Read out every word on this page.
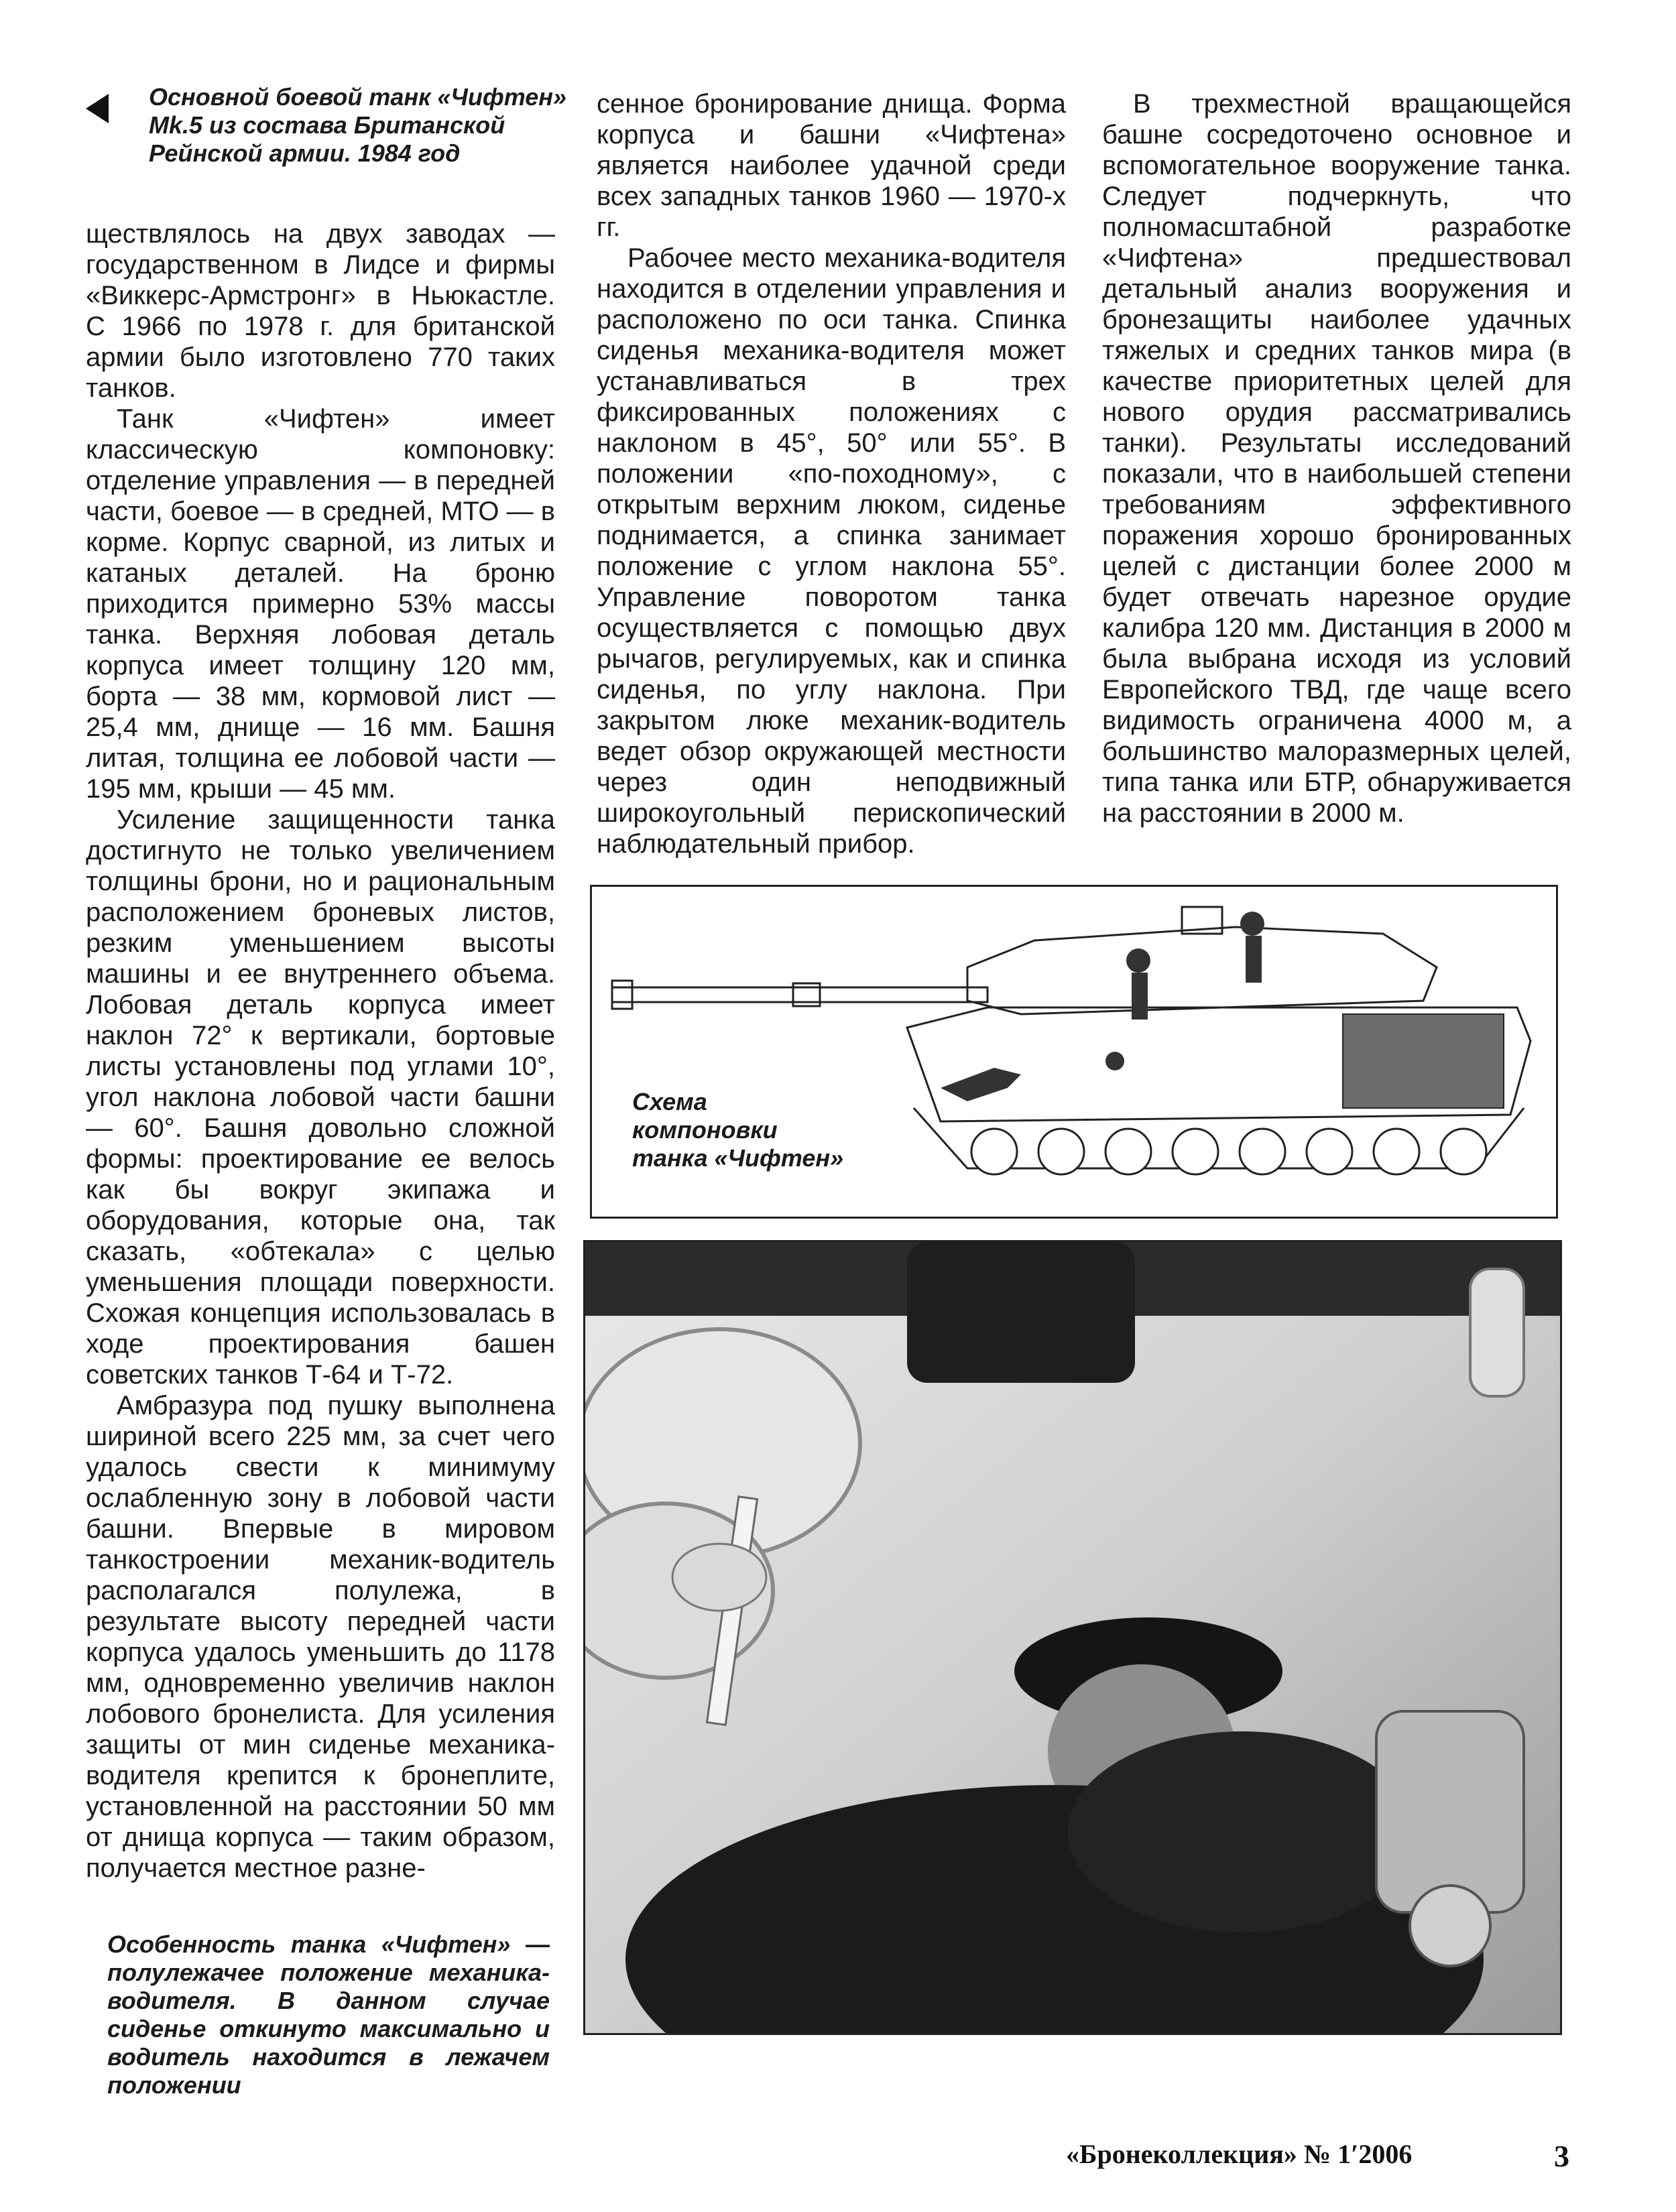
Основной боевой танк «Чифтен» Mk.5 из состава Британской Рейнской армии. 1984 год

ществлялось на двух заводах — государственном в Лидсе и фирмы «Виккерс-Армстронг» в Ньюкастле. С 1966 по 1978 г. для британской армии было изготовлено 770 таких танков.

Танк «Чифтен» имеет классическую компоновку: отделение управления — в передней части, боевое — в средней, МТО — в корме. Корпус сварной, из литых и катаных деталей. На броню приходится примерно 53% массы танка. Верхняя лобовая деталь корпуса имеет толщину 120 мм, борта — 38 мм, кормовой лист — 25,4 мм, днище — 16 мм. Башня литая, толщина ее лобовой части — 195 мм, крыши — 45 мм.

Усиление защищенности танка достигнуто не только увеличением толщины брони, но и рациональным расположением броневых листов, резким уменьшением высоты машины и ее внутреннего объема. Лобовая деталь корпуса имеет наклон 72° к вертикали, бортовые листы установлены под углами 10°, угол наклона лобовой части башни — 60°. Башня довольно сложной формы: проектирование ее велось как бы вокруг экипажа и оборудования, которые она, так сказать, «обтекала» с целью уменьшения площади поверхности. Схожая концепция использовалась в ходе проектирования башен советских танков Т-64 и Т-72.

Амбразура под пушку выполнена шириной всего 225 мм, за счет чего удалось свести к минимуму ослабленную зону в лобовой части башни. Впервые в мировом танкостроении механик-водитель располагался полулежа, в результате высоту передней части корпуса удалось уменьшить до 1178 мм, одновременно увеличив наклон лобового бронелиста. Для усиления защиты от мин сиденье механика-водителя крепится к бронеплите, установленной на расстоянии 50 мм от днища корпуса — таким образом, получается местное разне-

сенное бронирование днища. Форма корпуса и башни «Чифтена» является наиболее удачной среди всех западных танков 1960 — 1970-х гг.

Рабочее место механика-водителя находится в отделении управления и расположено по оси танка. Спинка сиденья механика-водителя может устанавливаться в трех фиксированных положениях с наклоном в 45°, 50° или 55°. В положении «по-походному», с открытым верхним люком, сиденье поднимается, а спинка занимает положение с углом наклона 55°. Управление поворотом танка осуществляется с помощью двух рычагов, регулируемых, как и спинка сиденья, по углу наклона. При закрытом люке механик-водитель ведет обзор окружающей местности через один неподвижный широкоугольный перископический наблюдательный прибор.

В трехместной вращающейся башне сосредоточено основное и вспомогательное вооружение танка. Следует подчеркнуть, что полномасштабной разработке «Чифтена» предшествовал детальный анализ вооружения и бронезащиты наиболее удачных тяжелых и средних танков мира (в качестве приоритетных целей для нового орудия рассматривались танки). Результаты исследований показали, что в наибольшей степени требованиям эффективного поражения хорошо бронированных целей с дистанции более 2000 м будет отвечать нарезное орудие калибра 120 мм. Дистанция в 2000 м была выбрана исходя из условий Европейского ТВД, где чаще всего видимость ограничена 4000 м, а большинство малоразмерных целей, типа танка или БТР, обнаруживается на расстоянии в 2000 м.

Схема компоновки танка «Чифтен»
Особенность танка «Чифтен» — полулежачее положение механика-водителя. В данном случае сиденье откинуто максимально и водитель находится в лежачем положении
«Бронеколлекция» № 1′2006	3
